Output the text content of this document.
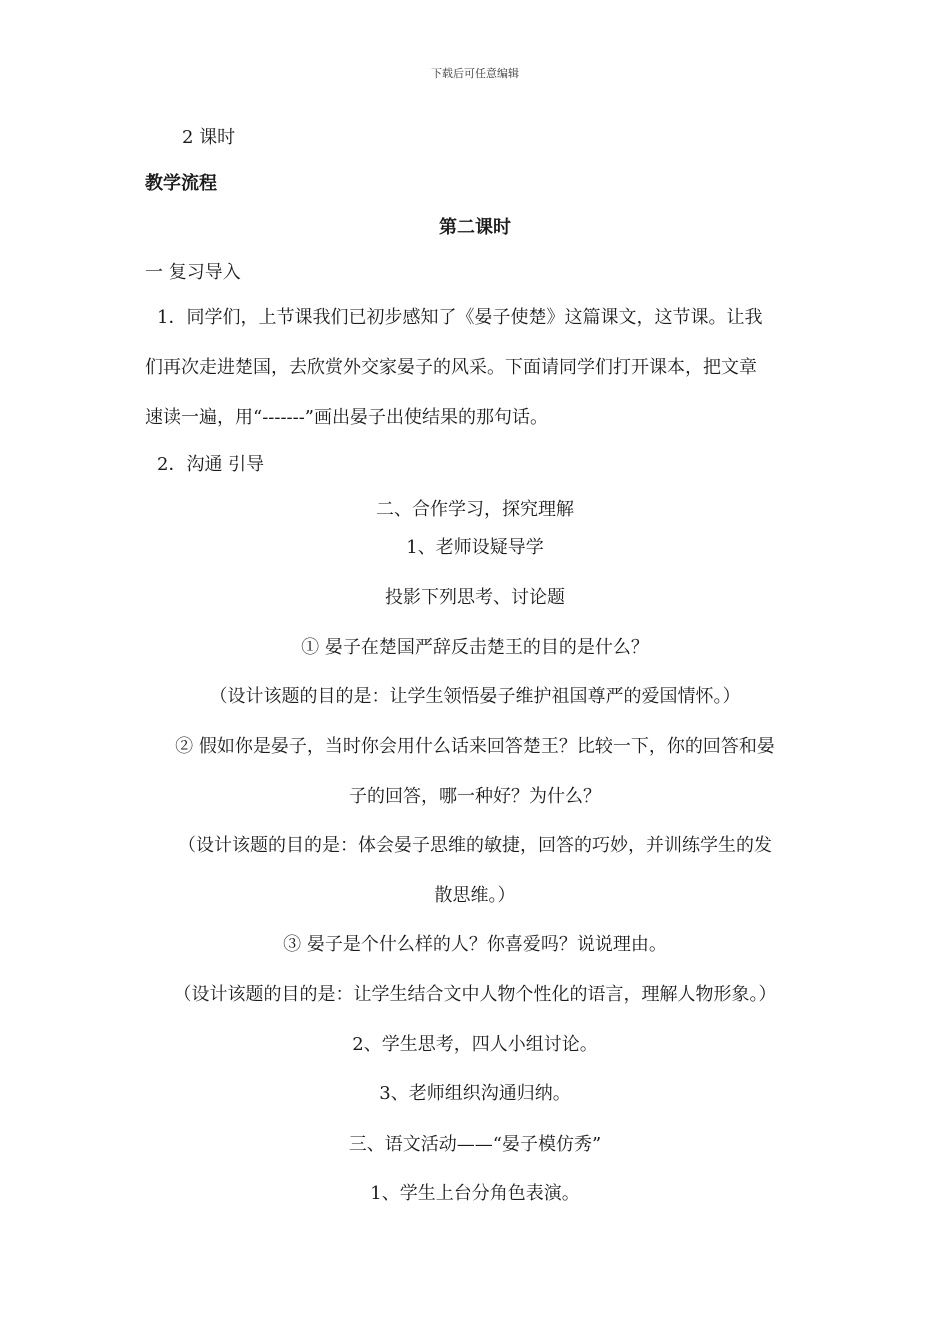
下载后可任意编辑
2 课时
教学流程
第二课时
一 复习导入
1．同学们，上节课我们已初步感知了《晏子使楚》这篇课文，这节课。让我
们再次走进楚国，去欣赏外交家晏子的风采。下面请同学们打开课本，把文章
速读一遍，用“-------”画出晏子出使结果的那句话。
2．沟通 引导
二、合作学习，探究理解
1、老师设疑导学
投影下列思考、讨论题
① 晏子在楚国严辞反击楚王的目的是什么？
（设计该题的目的是：让学生领悟晏子维护祖国尊严的爱国情怀。）
② 假如你是晏子，当时你会用什么话来回答楚王？比较一下，你的回答和晏
子的回答，哪一种好？为什么？
（设计该题的目的是：体会晏子思维的敏捷，回答的巧妙，并训练学生的发
散思维。）
③ 晏子是个什么样的人？你喜爱吗？说说理由。
（设计该题的目的是：让学生结合文中人物个性化的语言，理解人物形象。）
2、学生思考，四人小组讨论。
3、老师组织沟通归纳。
三、语文活动——“晏子模仿秀”
1、学生上台分角色表演。
